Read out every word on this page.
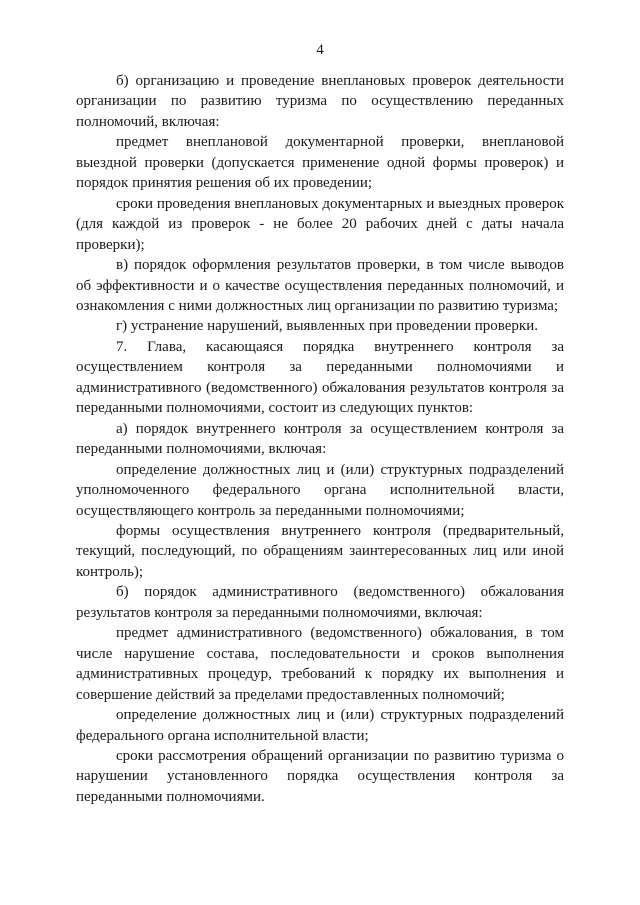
4

б) организацию и проведение внеплановых проверок деятельности организации по развитию туризма по осуществлению переданных полномочий, включая:

предмет внеплановой документарной проверки, внеплановой выездной проверки (допускается применение одной формы проверок) и порядок принятия решения об их проведении;

сроки проведения внеплановых документарных и выездных проверок (для каждой из проверок - не более 20 рабочих дней с даты начала проверки);

в) порядок оформления результатов проверки, в том числе выводов об эффективности и о качестве осуществления переданных полномочий, и ознакомления с ними должностных лиц организации по развитию туризма;

г) устранение нарушений, выявленных при проведении проверки.

7. Глава, касающаяся порядка внутреннего контроля за осуществлением контроля за переданными полномочиями и административного (ведомственного) обжалования результатов контроля за переданными полномочиями, состоит из следующих пунктов:

а) порядок внутреннего контроля за осуществлением контроля за переданными полномочиями, включая:

определение должностных лиц и (или) структурных подразделений уполномоченного федерального органа исполнительной власти, осуществляющего контроль за переданными полномочиями;

формы осуществления внутреннего контроля (предварительный, текущий, последующий, по обращениям заинтересованных лиц или иной контроль);

б) порядок административного (ведомственного) обжалования результатов контроля за переданными полномочиями, включая:

предмет административного (ведомственного) обжалования, в том числе нарушение состава, последовательности и сроков выполнения административных процедур, требований к порядку их выполнения и совершение действий за пределами предоставленных полномочий;

определение должностных лиц и (или) структурных подразделений федерального органа исполнительной власти;

сроки рассмотрения обращений организации по развитию туризма о нарушении установленного порядка осуществления контроля за переданными полномочиями.
